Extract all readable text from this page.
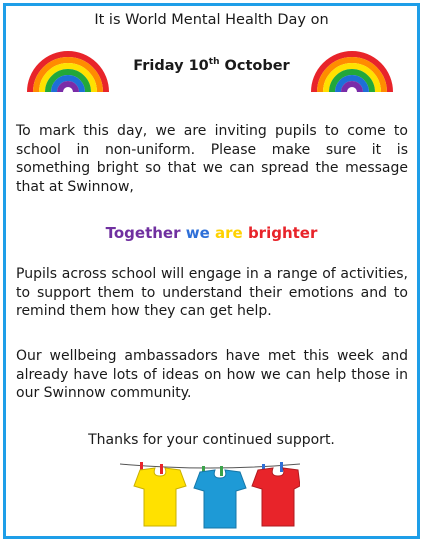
It is World Mental Health Day on

Friday 10th October

To mark this day, we are inviting pupils to come to school in non-uniform. Please make sure it is something bright so that we can spread the message that at Swinnow,

Together we are brighter

Pupils across school will engage in a range of activities, to support them to understand their emotions and to remind them how they can get help.

Our wellbeing ambassadors have met this week and already have lots of ideas on how we can help those in our Swinnow community.

Thanks for your continued support.
